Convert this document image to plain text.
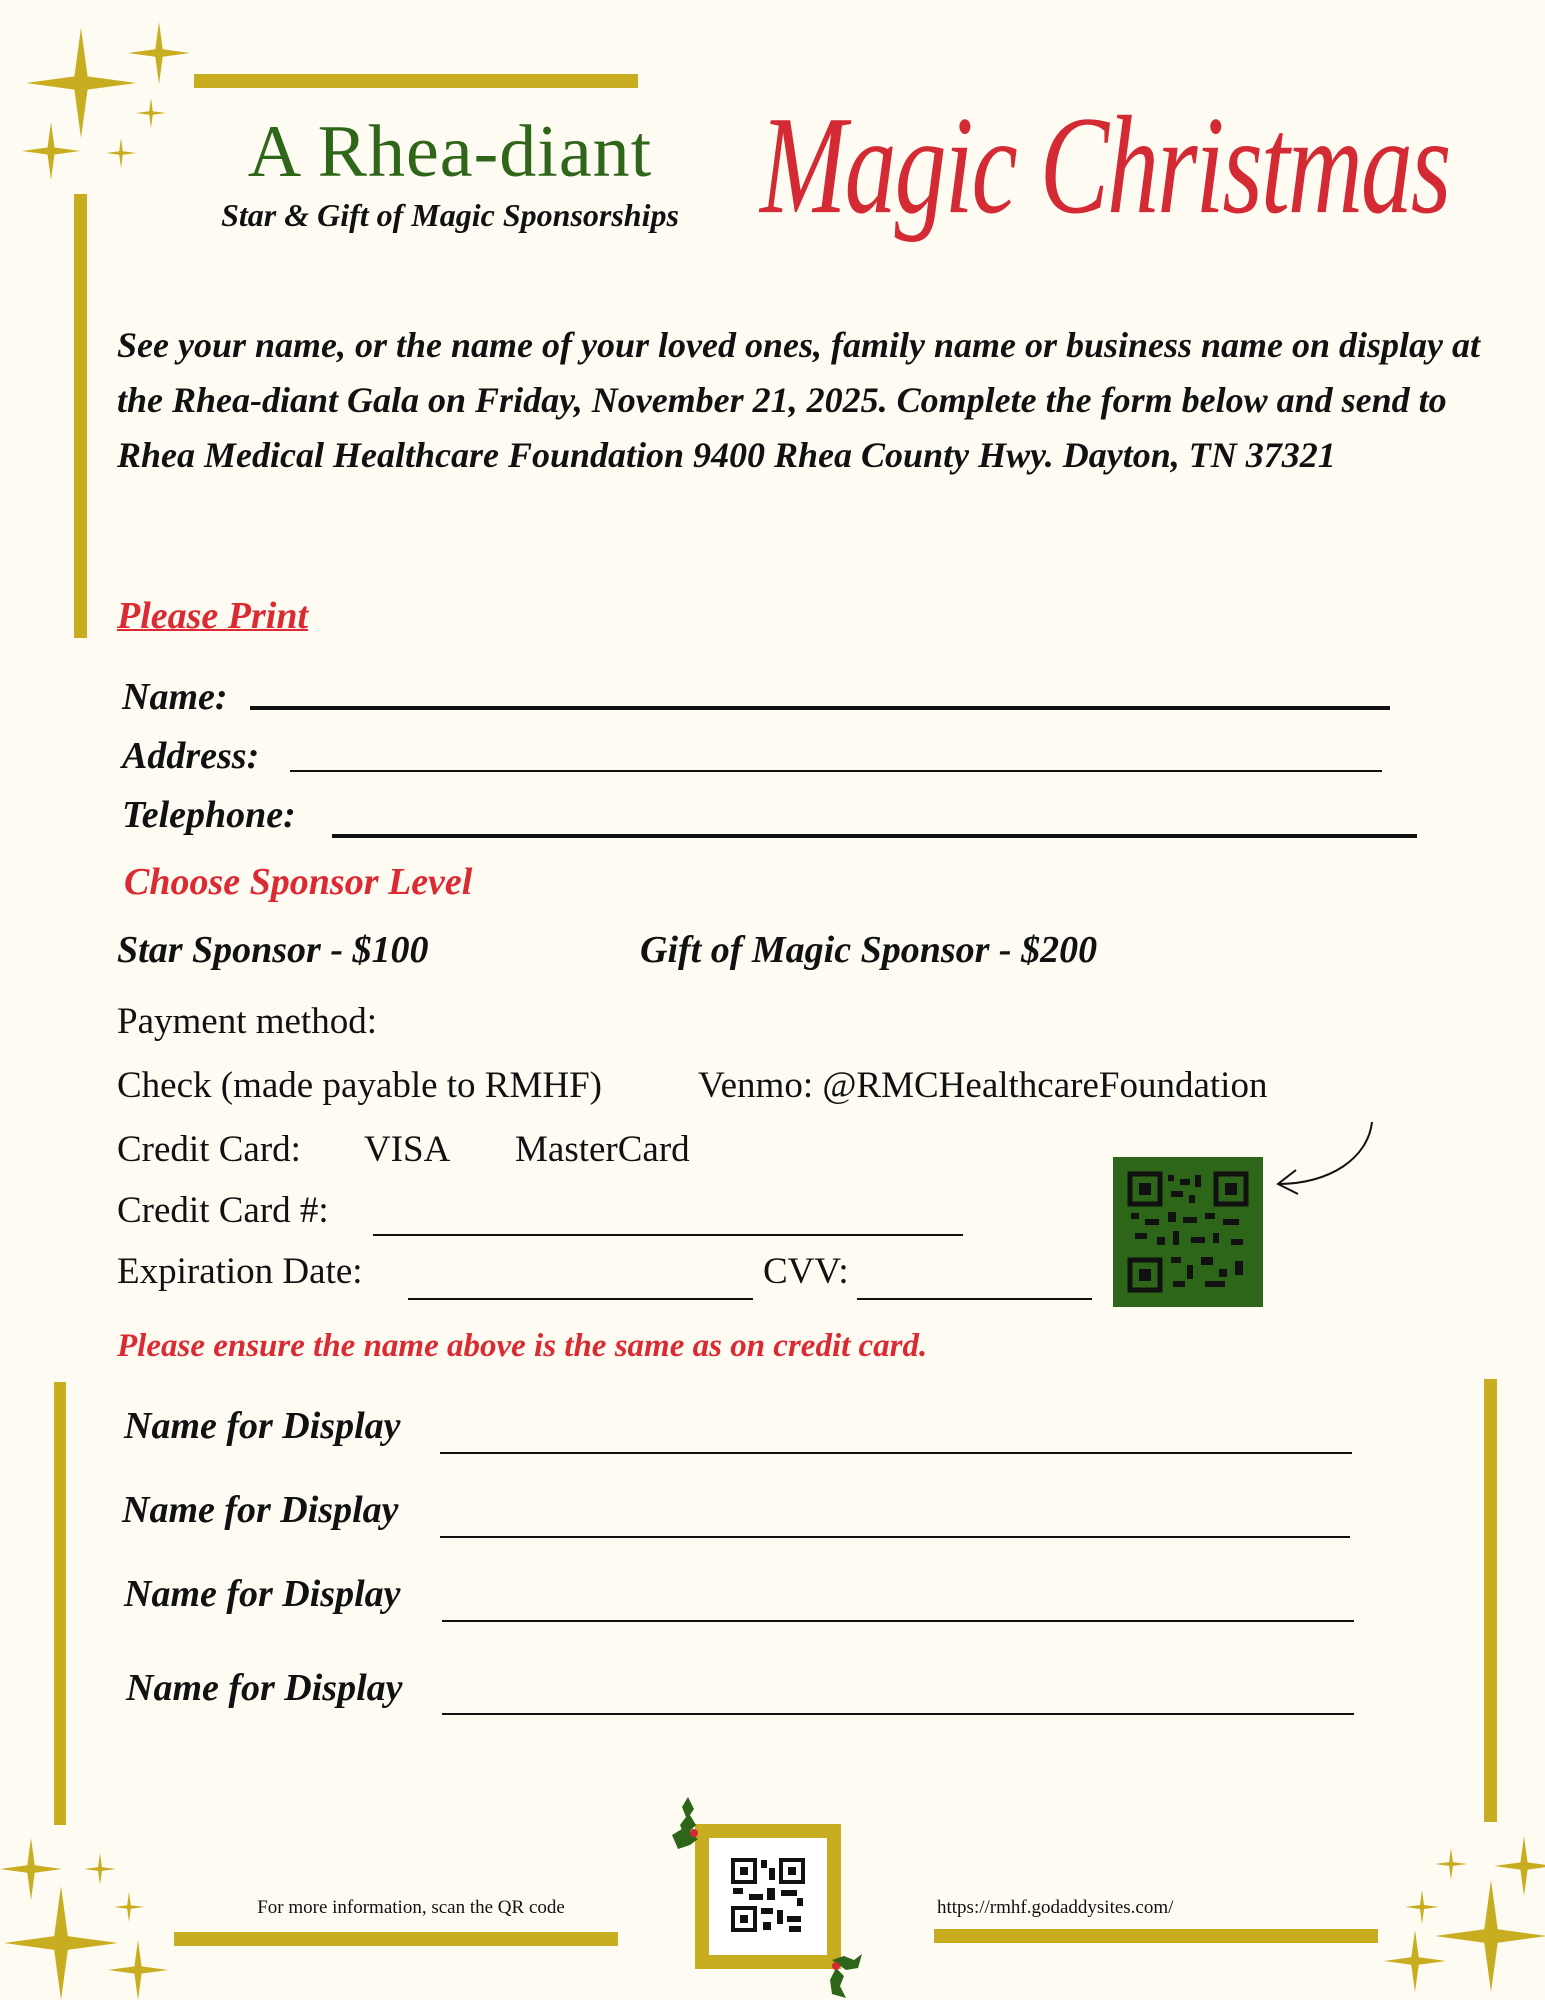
A Rhea-diant
Star & Gift of Magic Sponsorships Magic Christmas
See your name, or the name of your loved ones, family name or business name on display at the Rhea-diant Gala on Friday, November 21, 2025. Complete the form below and send to Rhea Medical Healthcare Foundation 9400 Rhea County Hwy. Dayton, TN 37321
Please Print
Name:
Address:
Telephone:
Choose Sponsor Level
Star Sponsor - $100	Gift of Magic Sponsor - $200
Payment method:
Check (made payable to RMHF)	Venmo: @RMCHealthcareFoundation
Credit Card: VISA MasterCard
Credit Card #:
Expiration Date:	CVV:
Please ensure the name above is the same as on credit card.
Name for Display
Name for Display
Name for Display
Name for Display
For more information, scan the QR code	https://rmhf.godaddysites.com/
